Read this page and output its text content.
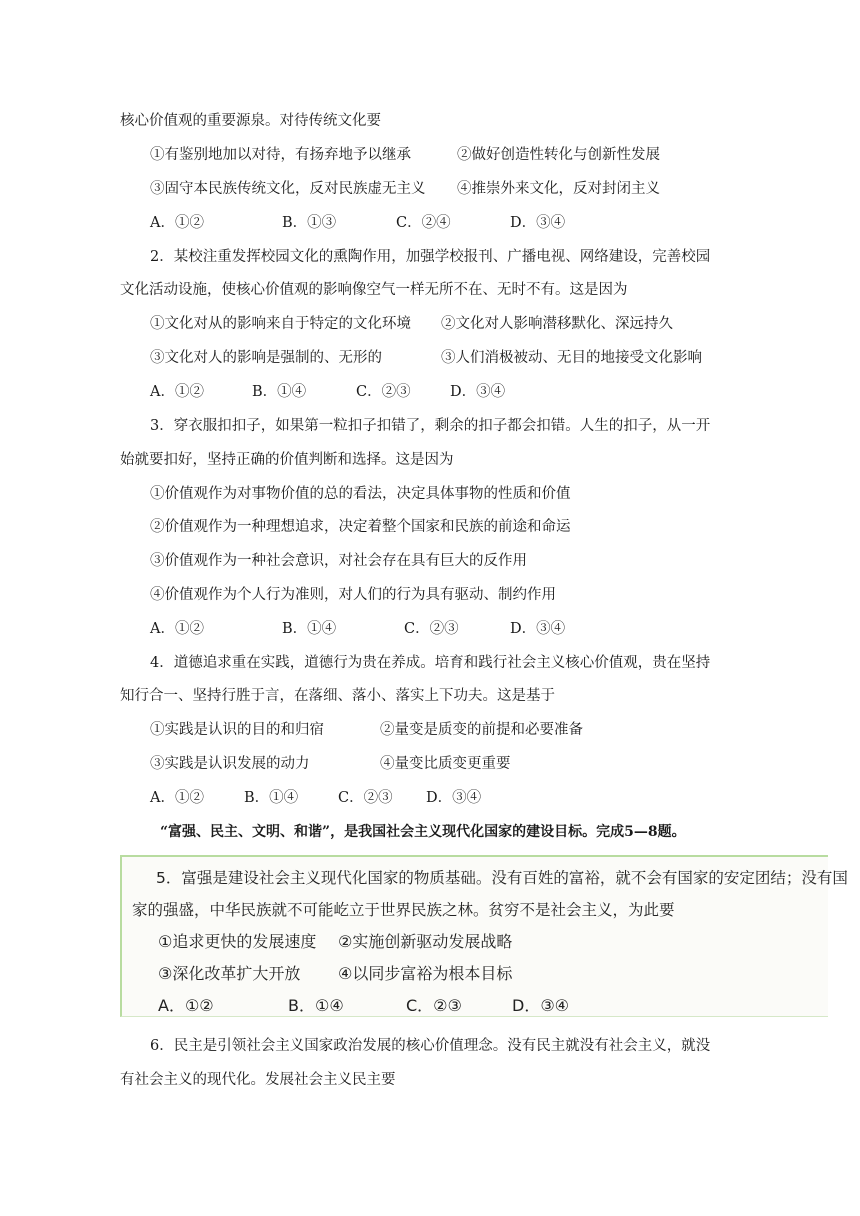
核心价值观的重要源泉。对待传统文化要
①有鉴别地加以对待，有扬弃地予以继承	②做好创造性转化与创新性发展
③固守本民族传统文化，反对民族虚无主义 ④推崇外来文化，反对封闭主义
A．①②	B．①③	C．②④	D．③④
2．某校注重发挥校园文化的熏陶作用，加强学校报刊、广播电视、网络建设，完善校园
文化活动设施，使核心价值观的影响像空气一样无所不在、无时不有。这是因为
①文化对从的影响来自于特定的文化环境 ②文化对人影响潜移默化、深远持久
③文化对人的影响是强制的、无形的	③人们消极被动、无目的地接受文化影响
A．①②	B．①④	C．②③	D．③④
3．穿衣服扣扣子，如果第一粒扣子扣错了，剩余的扣子都会扣错。人生的扣子，从一开
始就要扣好，坚持正确的价值判断和选择。这是因为
①价值观作为对事物价值的总的看法，决定具体事物的性质和价值
②价值观作为一种理想追求，决定着整个国家和民族的前途和命运
③价值观作为一种社会意识，对社会存在具有巨大的反作用
④价值观作为个人行为准则，对人们的行为具有驱动、制约作用
A．①②	B．①④	C．②③	D．③④
4．道德追求重在实践，道德行为贵在养成。培育和践行社会主义核心价值观，贵在坚持
知行合一、坚持行胜于言，在落细、落小、落实上下功夫。这是基于
①实践是认识的目的和归宿	②量变是质变的前提和必要准备
③实践是认识发展的动力	④量变比质变更重要
A．①②	B．①④	C．②③ D．③④
“富强、民主、文明、和谐”，是我国社会主义现代化国家的建设目标。完成5—8题。
5．富强是建设社会主义现代化国家的物质基础。没有百姓的富裕，就不会有国家的安定团结；没有国
家的强盛，中华民族就不可能屹立于世界民族之林。贫穷不是社会主义，为此要
①追求更快的发展速度 ②实施创新驱动发展战略
③深化改革扩大开放 ④以同步富裕为根本目标
A．①②	B．①④	C．②③	D．③④
6．民主是引领社会主义国家政治发展的核心价值理念。没有民主就没有社会主义，就没
有社会主义的现代化。发展社会主义民主要
